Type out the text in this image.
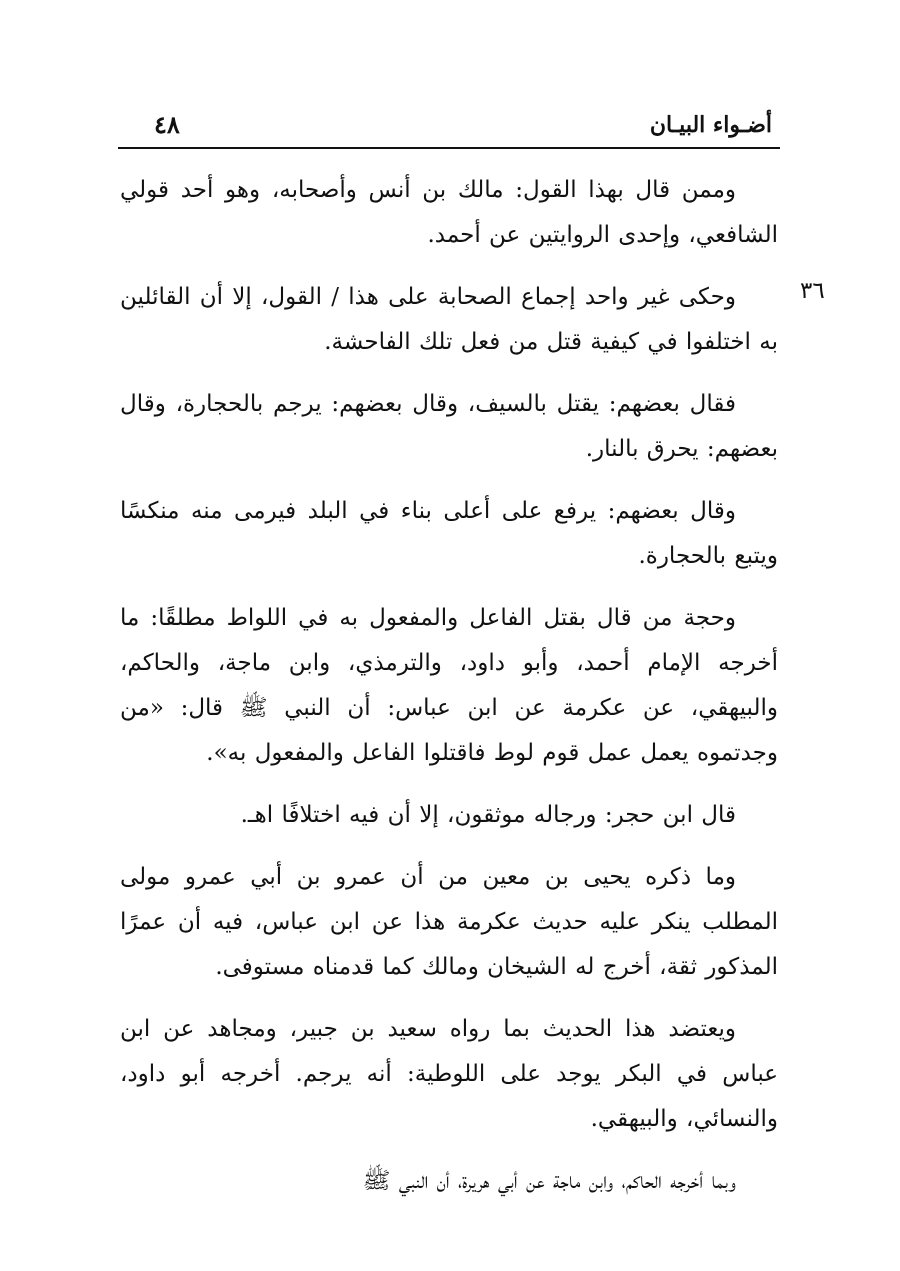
أضـواء البيـان
٤٨
٣٦

وممن قال بهذا القول: مالك بن أنس وأصحابه، وهو أحد قولي الشافعي، وإحدى الروايتين عن أحمد.

وحكى غير واحد إجماع الصحابة على هذا / القول، إلا أن القائلين به اختلفوا في كيفية قتل من فعل تلك الفاحشة.

فقال بعضهم: يقتل بالسيف، وقال بعضهم: يرجم بالحجارة، وقال بعضهم: يحرق بالنار.

وقال بعضهم: يرفع على أعلى بناء في البلد فيرمى منه منكسًا ويتبع بالحجارة.

وحجة من قال بقتل الفاعل والمفعول به في اللواط مطلقًا: ما أخرجه الإمام أحمد، وأبو داود، والترمذي، وابن ماجة، والحاكم، والبيهقي، عن عكرمة عن ابن عباس: أن النبي ﷺ قال: «من وجدتموه يعمل عمل قوم لوط فاقتلوا الفاعل والمفعول به».

قال ابن حجر: ورجاله موثقون، إلا أن فيه اختلافًا اهـ.

وما ذكره يحيى بن معين من أن عمرو بن أبي عمرو مولى المطلب ينكر عليه حديث عكرمة هذا عن ابن عباس، فيه أن عمرًا المذكور ثقة، أخرج له الشيخان ومالك كما قدمناه مستوفى.

ويعتضد هذا الحديث بما رواه سعيد بن جبير، ومجاهد عن ابن عباس في البكر يوجد على اللوطية: أنه يرجم. أخرجه أبو داود، والنسائي، والبيهقي.

وبما أخرجه الحاكم، وابن ماجة عن أبي هريرة، أن النبي ﷺ
